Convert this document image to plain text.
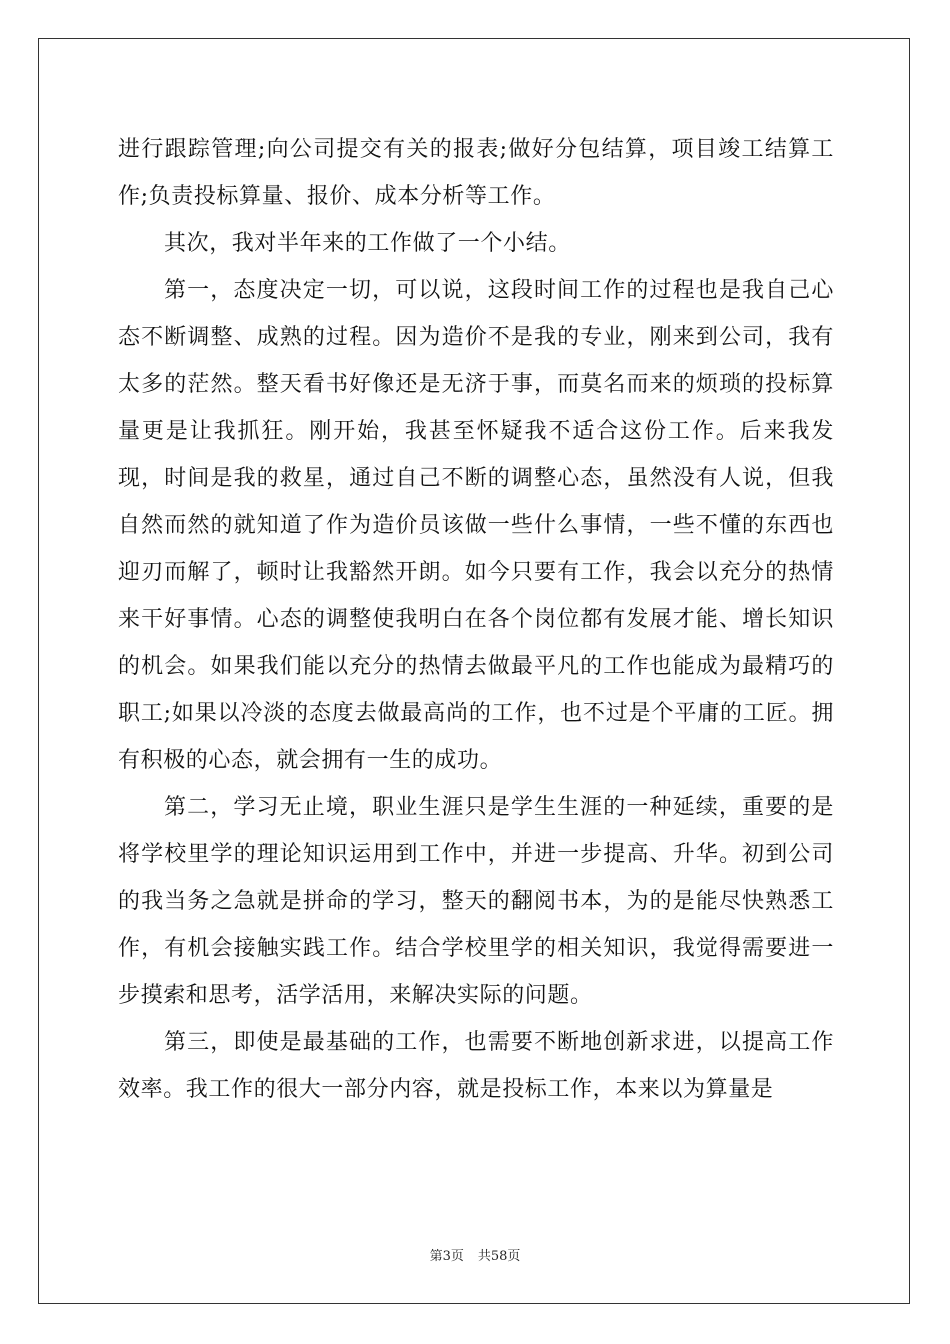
进行跟踪管理;向公司提交有关的报表;做好分包结算，项目竣工结算工作;负责投标算量、报价、成本分析等工作。

其次，我对半年来的工作做了一个小结。

第一，态度决定一切，可以说，这段时间工作的过程也是我自己心态不断调整、成熟的过程。因为造价不是我的专业，刚来到公司，我有太多的茫然。整天看书好像还是无济于事，而莫名而来的烦琐的投标算量更是让我抓狂。刚开始，我甚至怀疑我不适合这份工作。后来我发现，时间是我的救星，通过自己不断的调整心态，虽然没有人说，但我自然而然的就知道了作为造价员该做一些什么事情，一些不懂的东西也迎刃而解了，顿时让我豁然开朗。如今只要有工作，我会以充分的热情来干好事情。心态的调整使我明白在各个岗位都有发展才能、增长知识的机会。如果我们能以充分的热情去做最平凡的工作也能成为最精巧的职工;如果以冷淡的态度去做最高尚的工作，也不过是个平庸的工匠。拥有积极的心态，就会拥有一生的成功。

第二，学习无止境，职业生涯只是学生生涯的一种延续，重要的是将学校里学的理论知识运用到工作中，并进一步提高、升华。初到公司的我当务之急就是拼命的学习，整天的翻阅书本，为的是能尽快熟悉工作，有机会接触实践工作。结合学校里学的相关知识，我觉得需要进一步摸索和思考，活学活用，来解决实际的问题。

第三，即使是最基础的工作，也需要不断地创新求进，以提高工作效率。我工作的很大一部分内容，就是投标工作，本来以为算量是

第3页 共58页
